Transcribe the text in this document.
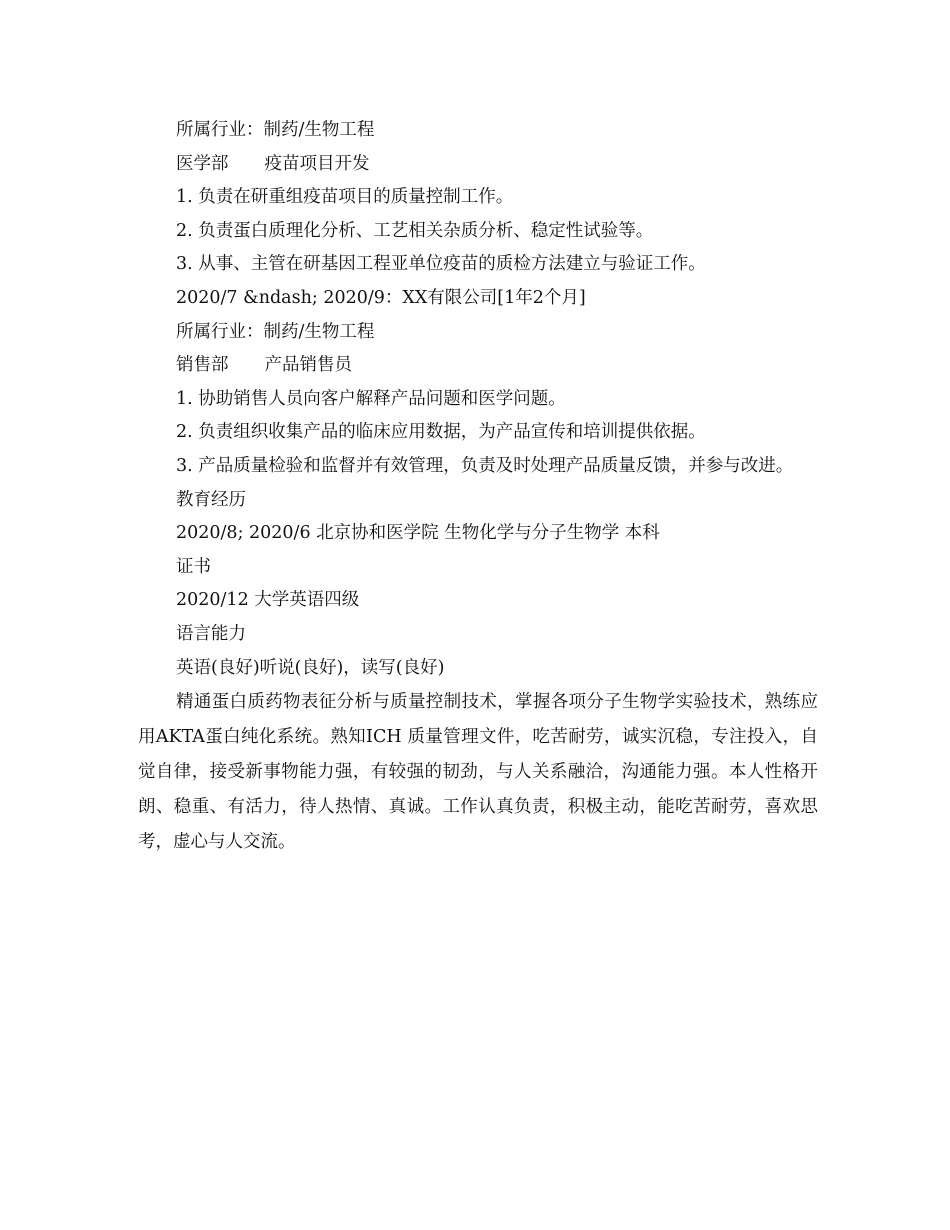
所属行业：制药/生物工程

医学部 疫苗项目开发

1. 负责在研重组疫苗项目的质量控制工作。

2. 负责蛋白质理化分析、工艺相关杂质分析、稳定性试验等。

3. 从事、主管在研基因工程亚单位疫苗的质检方法建立与验证工作。

2020/7 &ndash; 2020/9：XX有限公司[1年2个月]

所属行业：制药/生物工程

销售部 产品销售员

1. 协助销售人员向客户解释产品问题和医学问题。

2. 负责组织收集产品的临床应用数据，为产品宣传和培训提供依据。

3. 产品质量检验和监督并有效管理，负责及时处理产品质量反馈，并参与改进。

教育经历

2020/8; 2020/6 北京协和医学院 生物化学与分子生物学 本科

证书

2020/12 大学英语四级

语言能力

英语(良好)听说(良好)，读写(良好)

精通蛋白质药物表征分析与质量控制技术，掌握各项分子生物学实验技术，熟练应用AKTA蛋白纯化系统。熟知ICH 质量管理文件，吃苦耐劳，诚实沉稳，专注投入，自觉自律，接受新事物能力强，有较强的韧劲，与人关系融洽，沟通能力强。本人性格开朗、稳重、有活力，待人热情、真诚。工作认真负责，积极主动，能吃苦耐劳，喜欢思考，虚心与人交流。
